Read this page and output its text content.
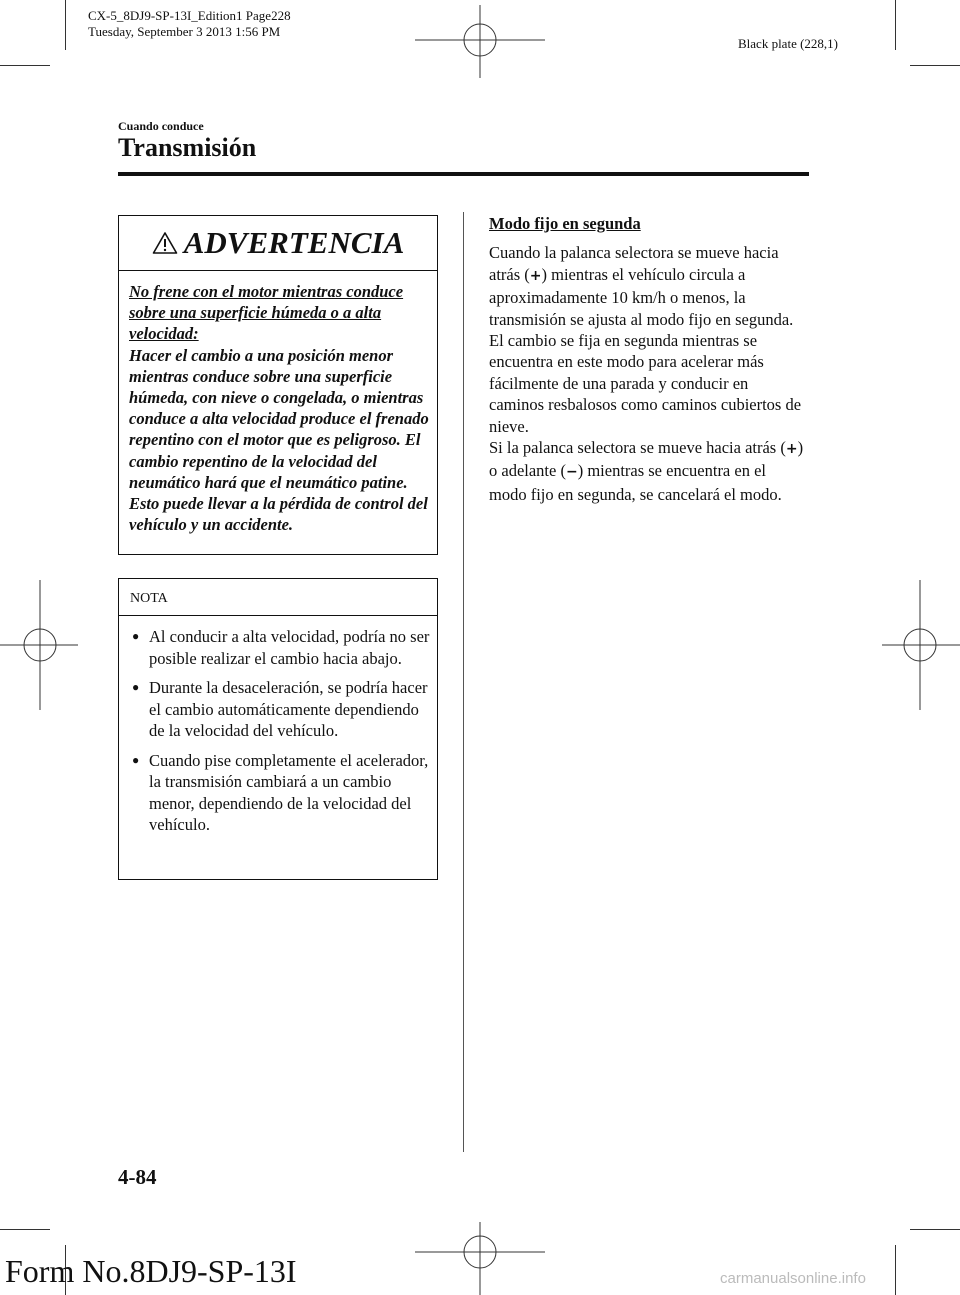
CX-5_8DJ9-SP-13I_Edition1 Page228
Tuesday, September 3 2013 1:56 PM
Black plate (228,1)
Cuando conduce
Transmisión
ADVERTENCIA
No frene con el motor mientras conduce sobre una superficie húmeda o a alta velocidad:
Hacer el cambio a una posición menor mientras conduce sobre una superficie húmeda, con nieve o congelada, o mientras conduce a alta velocidad produce el frenado repentino con el motor que es peligroso. El cambio repentino de la velocidad del neumático hará que el neumático patine. Esto puede llevar a la pérdida de control del vehículo y un accidente.
NOTA
● Al conducir a alta velocidad, podría no ser posible realizar el cambio hacia abajo.
● Durante la desaceleración, se podría hacer el cambio automáticamente dependiendo de la velocidad del vehículo.
● Cuando pise completamente el acelerador, la transmisión cambiará a un cambio menor, dependiendo de la velocidad del vehículo.
Modo fijo en segunda

Cuando la palanca selectora se mueve hacia atrás (+) mientras el vehículo circula a aproximadamente 10 km/h o menos, la transmisión se ajusta al modo fijo en segunda. El cambio se fija en segunda mientras se encuentra en este modo para acelerar más fácilmente de una parada y conducir en caminos resbalosos como caminos cubiertos de nieve.

Si la palanca selectora se mueve hacia atrás (+) o adelante (−) mientras se encuentra en el modo fijo en segunda, se cancelará el modo.

4-84
Form No.8DJ9-SP-13I	carmanualsonline.info
